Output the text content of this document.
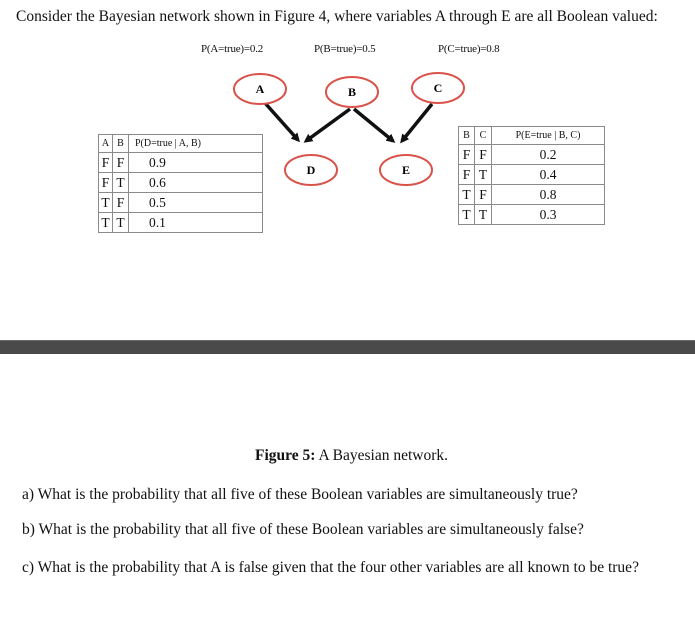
Consider the Bayesian network shown in Figure 4, where variables A through E are all Boolean valued:
P(A=true)=0.2	P(B=true)=0.5	P(C=true)=0.8
A	B	C
D	E
A	B	P(D=true | A, B)
F	F	0.9
F	T	0.6
T	F	0.5
T	T	0.1
B	C	P(E=true | B, C)
F	F	0.2
F	T	0.4
T	F	0.8
T	T	0.3
Figure 5: A Bayesian network.
a) What is the probability that all five of these Boolean variables are simultaneously true?
b) What is the probability that all five of these Boolean variables are simultaneously false?
c) What is the probability that A is false given that the four other variables are all known to be true?
